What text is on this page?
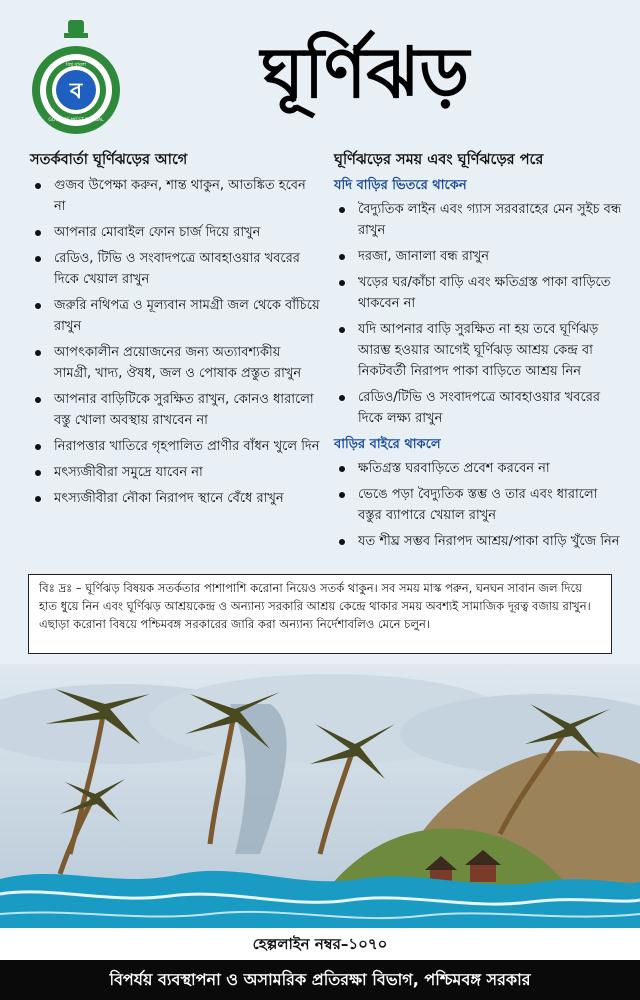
ব
বিশ্ব বাংলা
GOVT. OF WEST BENGAL
ঘূর্ণিঝড়
সতর্কবার্তা ঘূর্ণিঝড়ের আগে
গুজব উপেক্ষা করুন, শান্ত থাকুন, আতঙ্কিত হবেন না
আপনার মোবাইল ফোন চার্জ দিয়ে রাখুন
রেডিও, টিভি ও সংবাদপত্রে আবহাওয়ার খবরের দিকে খেয়াল রাখুন
জরুরি নথিপত্র ও মূল্যবান সামগ্রী জল থেকে বাঁচিয়ে রাখুন
আপৎকালীন প্রয়োজনের জন্য অত্যাবশ্যকীয় সামগ্রী, খাদ্য, ঔষধ, জল ও পোষাক প্রস্তুত রাখুন
আপনার বাড়িটিকে সুরক্ষিত রাখুন, কোনও ধারালো বস্তু খোলা অবস্থায় রাখবেন না
নিরাপত্তার খাতিরে গৃহপালিত প্রাণীর বাঁধন খুলে দিন
মৎস্যজীবীরা সমুদ্রে যাবেন না
মৎস্যজীবীরা নৌকা নিরাপদ স্থানে বেঁধে রাখুন
ঘূর্ণিঝড়ের সময় এবং ঘূর্ণিঝড়ের পরে
যদি বাড়ির ভিতরে থাকেন
বৈদ্যুতিক লাইন এবং গ্যাস সরবরাহের মেন সুইচ বন্ধ রাখুন
দরজা, জানালা বন্ধ রাখুন
খড়ের ঘর/কাঁচা বাড়ি এবং ক্ষতিগ্রস্ত পাকা বাড়িতে থাকবেন না
যদি আপনার বাড়ি সুরক্ষিত না হয় তবে ঘূর্ণিঝড় আরম্ভ হওয়ার আগেই ঘূর্ণিঝড় আশ্রয় কেন্দ্র বা নিকটবর্তী নিরাপদ পাকা বাড়িতে আশ্রয় নিন
রেডিও/টিভি ও সংবাদপত্রে আবহাওয়ার খবরের দিকে লক্ষ্য রাখুন
বাড়ির বাইরে থাকলে
ক্ষতিগ্রস্ত ঘরবাড়িতে প্রবেশ করবেন না
ভেঙে পড়া বৈদ্যুতিক স্তম্ভ ও তার এবং ধারালো বস্তুর ব্যাপারে খেয়াল রাখুন
যত শীঘ্র সম্ভব নিরাপদ আশ্রয়/পাকা বাড়ি খুঁজে নিন
বিঃ দ্রঃ – ঘূর্ণিঝড় বিষয়ক সতর্কতার পাশাপাশি করোনা নিয়েও সতর্ক থাকুন। সব সময় মাস্ক পরুন, ঘনঘন সাবান জল দিয়ে হাত ধুয়ে নিন এবং ঘূর্ণিঝড় আশ্রয়কেন্দ্র ও অন্যান্য সরকারি আশ্রয় কেন্দ্রে থাকার সময় অবশ্যই সামাজিক দূরত্ব বজায় রাখুন। এছাড়া করোনা বিষয়ে পশ্চিমবঙ্গ সরকারের জারি করা অন্যান্য নির্দেশাবলিও মেনে চলুন।
হেল্পলাইন নম্বর–১০৭০
বিপর্যয় ব্যবস্থাপনা ও অসামরিক প্রতিরক্ষা বিভাগ, পশ্চিমবঙ্গ সরকার
